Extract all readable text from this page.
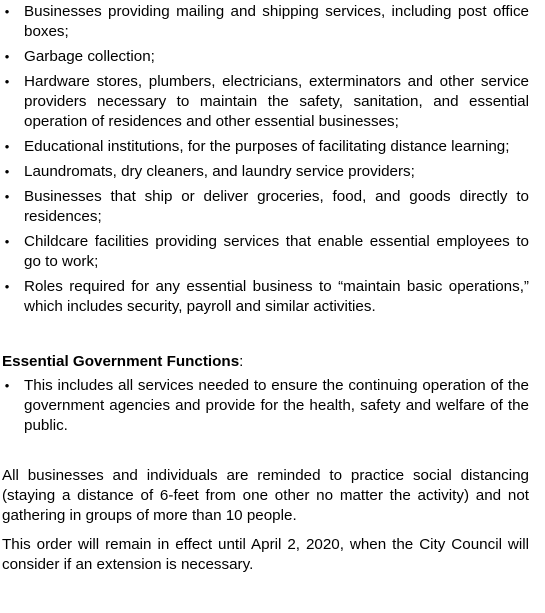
• Businesses providing mailing and shipping services, including post office boxes;
• Garbage collection;
• Hardware stores, plumbers, electricians, exterminators and other service providers necessary to maintain the safety, sanitation, and essential operation of residences and other essential businesses;
• Educational institutions, for the purposes of facilitating distance learning;
• Laundromats, dry cleaners, and laundry service providers;
• Businesses that ship or deliver groceries, food, and goods directly to residences;
• Childcare facilities providing services that enable essential employees to go to work;
• Roles required for any essential business to “maintain basic operations,” which includes security, payroll and similar activities.
Essential Government Functions:
• This includes all services needed to ensure the continuing operation of the government agencies and provide for the health, safety and welfare of the public.

All businesses and individuals are reminded to practice social distancing (staying a distance of 6-feet from one other no matter the activity) and not gathering in groups of more than 10 people.

This order will remain in effect until April 2, 2020, when the City Council will consider if an extension is necessary.
